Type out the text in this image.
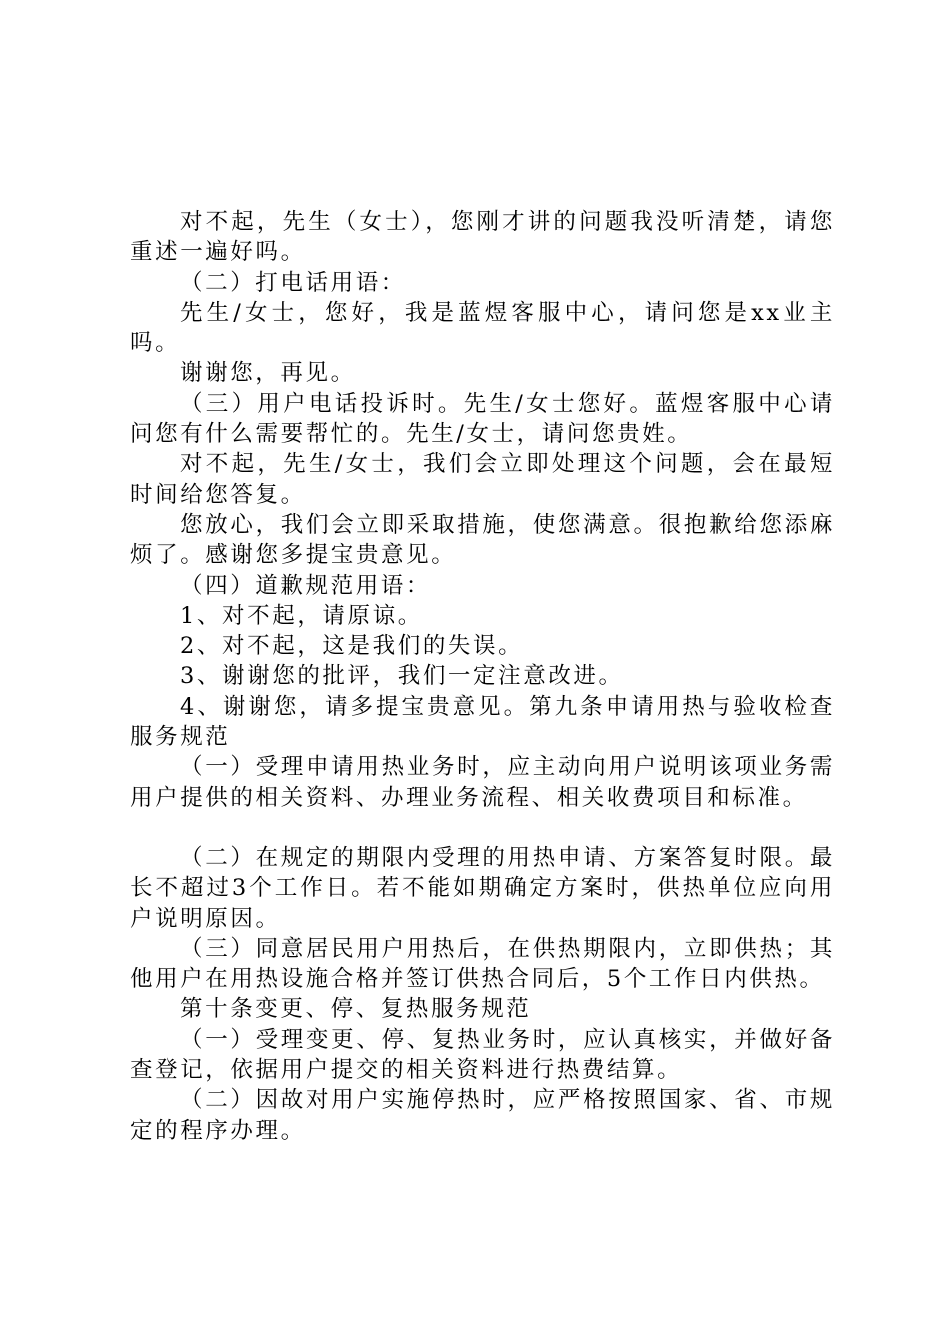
对不起，先生（女士），您刚才讲的问题我没听清楚，请您重述一遍好吗。

（二）打电话用语：

先生/女士，您好，我是蓝煜客服中心，请问您是xx业主吗。

谢谢您，再见。

（三）用户电话投诉时。先生/女士您好。蓝煜客服中心请问您有什么需要帮忙的。先生/女士，请问您贵姓。

对不起，先生/女士，我们会立即处理这个问题，会在最短时间给您答复。

您放心，我们会立即采取措施，使您满意。很抱歉给您添麻烦了。感谢您多提宝贵意见。

（四）道歉规范用语：

1、对不起，请原谅。

2、对不起，这是我们的失误。

3、谢谢您的批评，我们一定注意改进。

4、谢谢您，请多提宝贵意见。第九条申请用热与验收检查服务规范

（一）受理申请用热业务时，应主动向用户说明该项业务需用户提供的相关资料、办理业务流程、相关收费项目和标准。

（二）在规定的期限内受理的用热申请、方案答复时限。最长不超过3个工作日。若不能如期确定方案时，供热单位应向用户说明原因。

（三）同意居民用户用热后，在供热期限内，立即供热；其他用户在用热设施合格并签订供热合同后，5个工作日内供热。

第十条变更、停、复热服务规范

（一）受理变更、停、复热业务时，应认真核实，并做好备查登记，依据用户提交的相关资料进行热费结算。

（二）因故对用户实施停热时，应严格按照国家、省、市规定的程序办理。
